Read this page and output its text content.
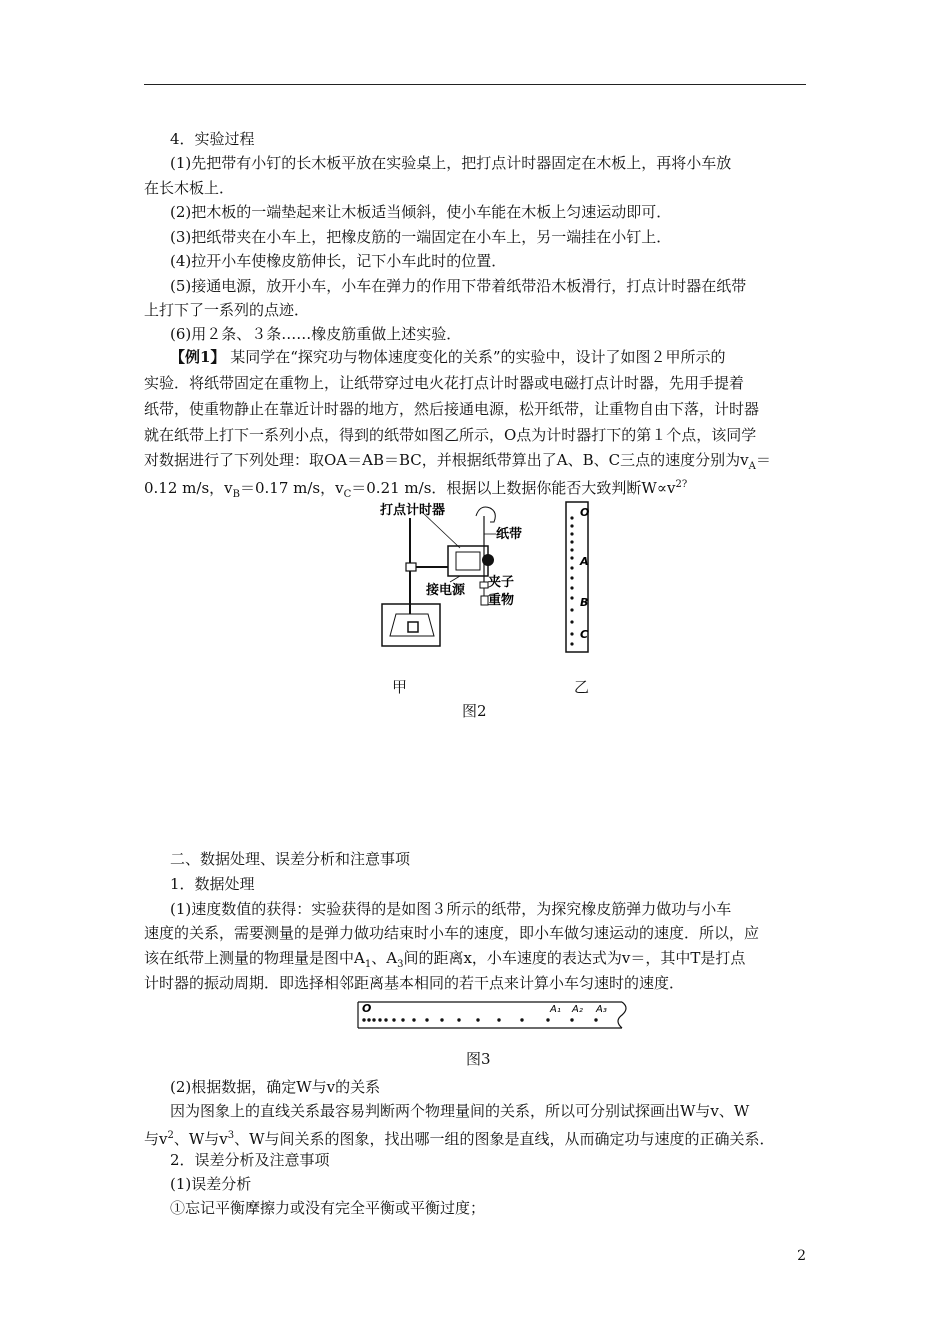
4．实验过程
(1)先把带有小钉的长木板平放在实验桌上，把打点计时器固定在木板上，再将小车放
在长木板上．
(2)把木板的一端垫起来让木板适当倾斜，使小车能在木板上匀速运动即可．
(3)把纸带夹在小车上，把橡皮筋的一端固定在小车上，另一端挂在小钉上．
(4)拉开小车使橡皮筋伸长，记下小车此时的位置．
(5)接通电源，放开小车，小车在弹力的作用下带着纸带沿木板滑行，打点计时器在纸带
上打下了一系列的点迹．
(6)用２条、３条……橡皮筋重做上述实验．
【例1】 某同学在“探究功与物体速度变化的关系”的实验中，设计了如图２甲所示的
实验．将纸带固定在重物上，让纸带穿过电火花打点计时器或电磁打点计时器，先用手提着
纸带，使重物静止在靠近计时器的地方，然后接通电源，松开纸带，让重物自由下落，计时器
就在纸带上打下一系列小点，得到的纸带如图乙所示，O点为计时器打下的第１个点，该同学
对数据进行了下列处理：取OA＝AB＝BC，并根据纸带算出了A、B、C三点的速度分别为$v_A=$
0.12 m/s，$v_B=0.17$ m/s，$v_C=0.21$ m/s．根据以上数据你能否大致判断$W\propto v^{2?}$
打点计时器
纸带
接电源
夹子
重物
O
A
B
C
甲	乙
图2
二、数据处理、误差分析和注意事项
1．数据处理
(1)速度数值的获得：实验获得的是如图３所示的纸带，为探究橡皮筋弹力做功与小车
速度的关系，需要测量的是弹力做功结束时小车的速度，即小车做匀速运动的速度．所以，应
该在纸带上测量的物理量是图中$A_1$、$A_3$间的距离x，小车速度的表达式为v＝，其中T是打点
计时器的振动周期．即选择相邻距离基本相同的若干点来计算小车匀速时的速度．
O	A₁ A₂ A₃
图3
(2)根据数据，确定W与v的关系
因为图象上的直线关系最容易判断两个物理量间的关系，所以可分别试探画出W与v、W
与$v^2$、W与$v^3$、W与间关系的图象，找出哪一组的图象是直线，从而确定功与速度的正确关系．
2．误差分析及注意事项
(1)误差分析
①忘记平衡摩擦力或没有完全平衡或平衡过度；
2
